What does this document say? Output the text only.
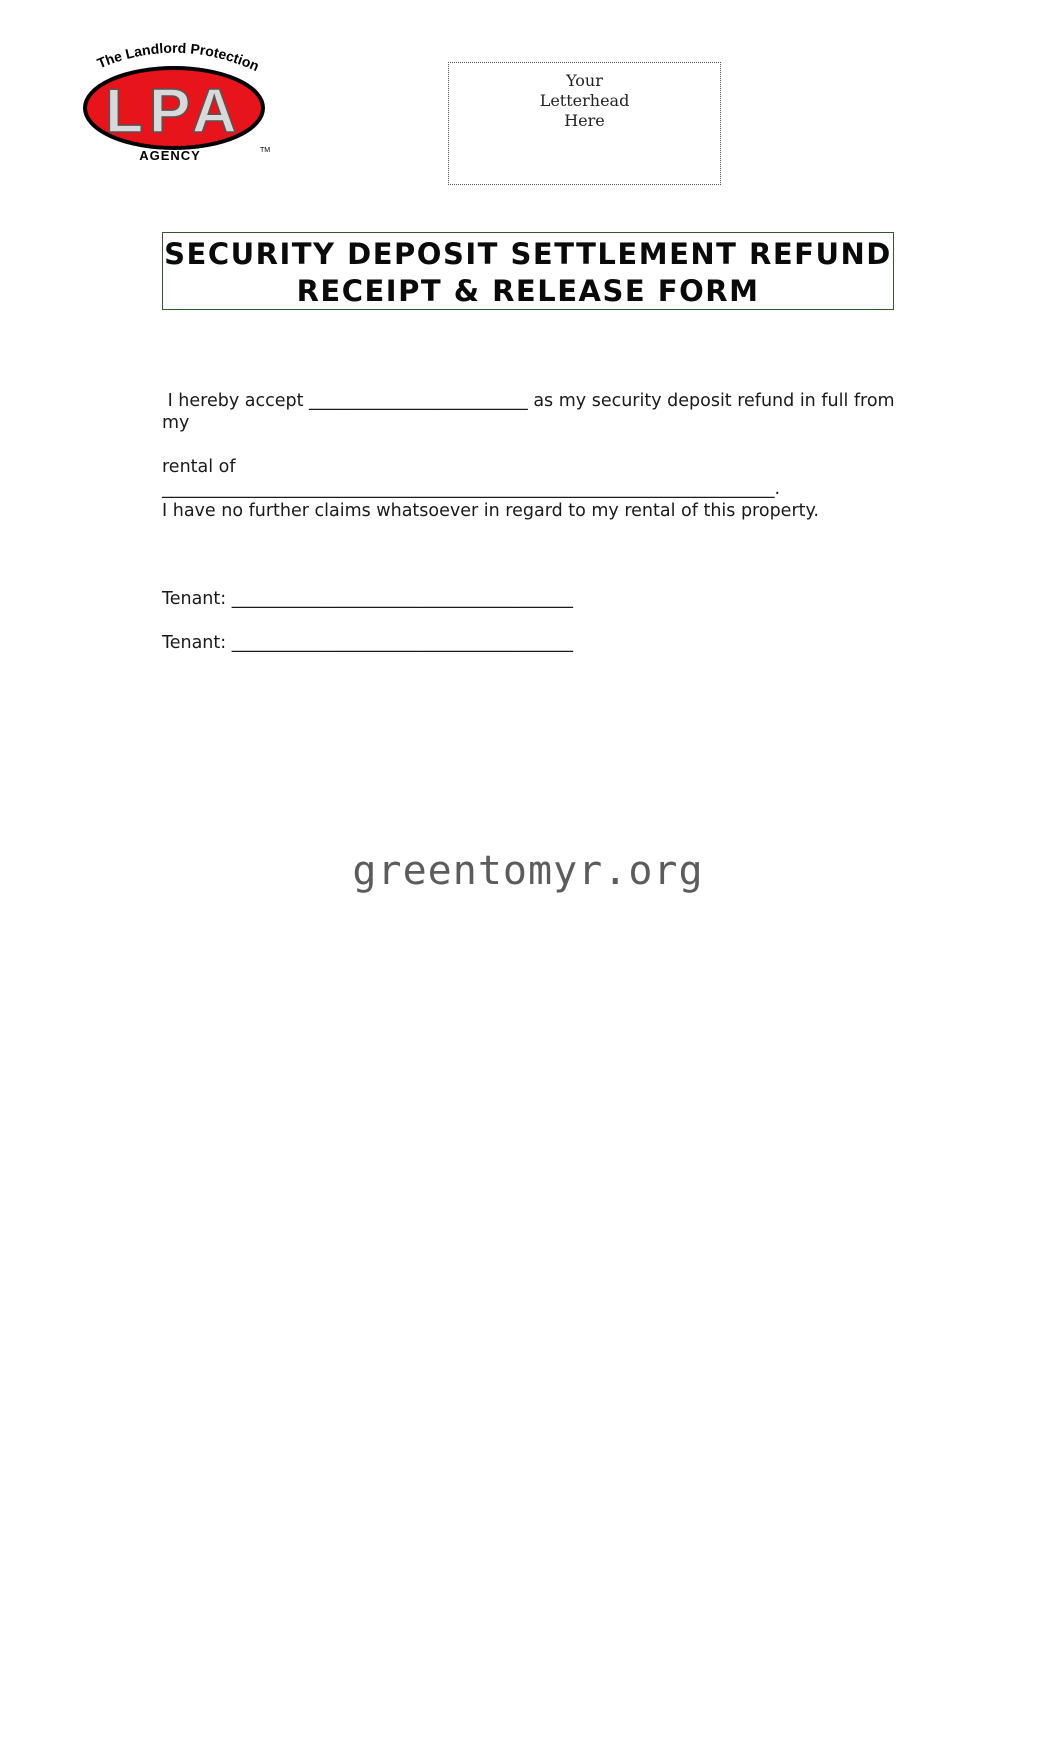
The Landlord Protection
LPA
AGENCY	TM
Your
Letterhead
Here
SECURITY DEPOSIT SETTLEMENT REFUND
RECEIPT & RELEASE FORM
I hereby accept _________________________ as my security deposit refund in full from
my
rental of
______________________________________________________________________.
I have no further claims whatsoever in regard to my rental of this property.
Tenant: _______________________________________
Tenant: _______________________________________
greentomyr.org
